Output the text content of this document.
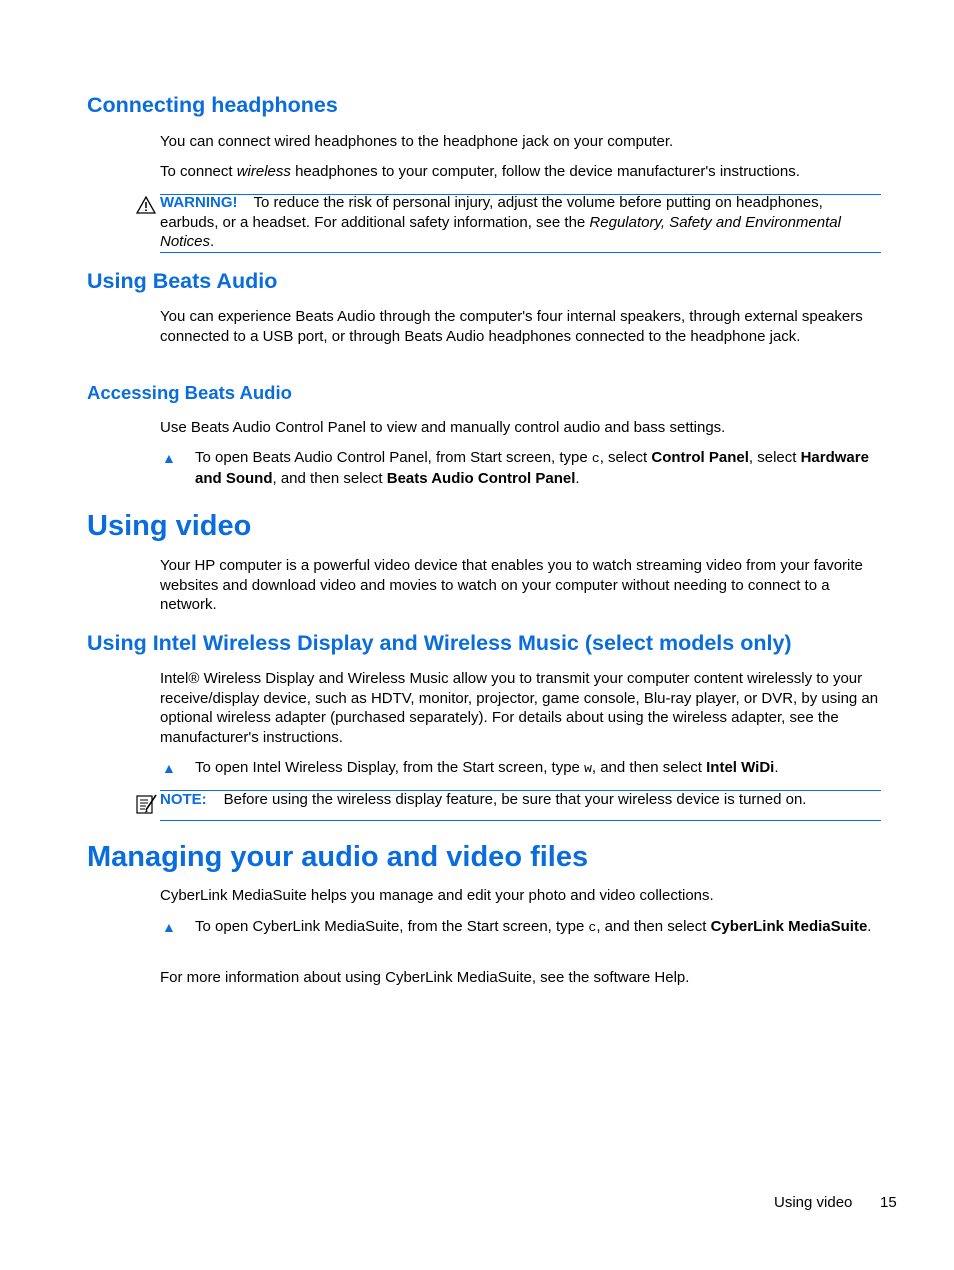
Connecting headphones
You can connect wired headphones to the headphone jack on your computer.
To connect wireless headphones to your computer, follow the device manufacturer's instructions.
WARNING! To reduce the risk of personal injury, adjust the volume before putting on headphones, earbuds, or a headset. For additional safety information, see the Regulatory, Safety and Environmental Notices.
Using Beats Audio
You can experience Beats Audio through the computer's four internal speakers, through external speakers connected to a USB port, or through Beats Audio headphones connected to the headphone jack.
Accessing Beats Audio
Use Beats Audio Control Panel to view and manually control audio and bass settings.
▲ To open Beats Audio Control Panel, from Start screen, type c, select Control Panel, select Hardware and Sound, and then select Beats Audio Control Panel.
Using video
Your HP computer is a powerful video device that enables you to watch streaming video from your favorite websites and download video and movies to watch on your computer without needing to connect to a network.
Using Intel Wireless Display and Wireless Music (select models only)
Intel® Wireless Display and Wireless Music allow you to transmit your computer content wirelessly to your receive/display device, such as HDTV, monitor, projector, game console, Blu-ray player, or DVR, by using an optional wireless adapter (purchased separately). For details about using the wireless adapter, see the manufacturer's instructions.
▲ To open Intel Wireless Display, from the Start screen, type w, and then select Intel WiDi.
NOTE: Before using the wireless display feature, be sure that your wireless device is turned on.
Managing your audio and video files
CyberLink MediaSuite helps you manage and edit your photo and video collections.
▲ To open CyberLink MediaSuite, from the Start screen, type c, and then select CyberLink MediaSuite.
For more information about using CyberLink MediaSuite, see the software Help.
Using video 15
